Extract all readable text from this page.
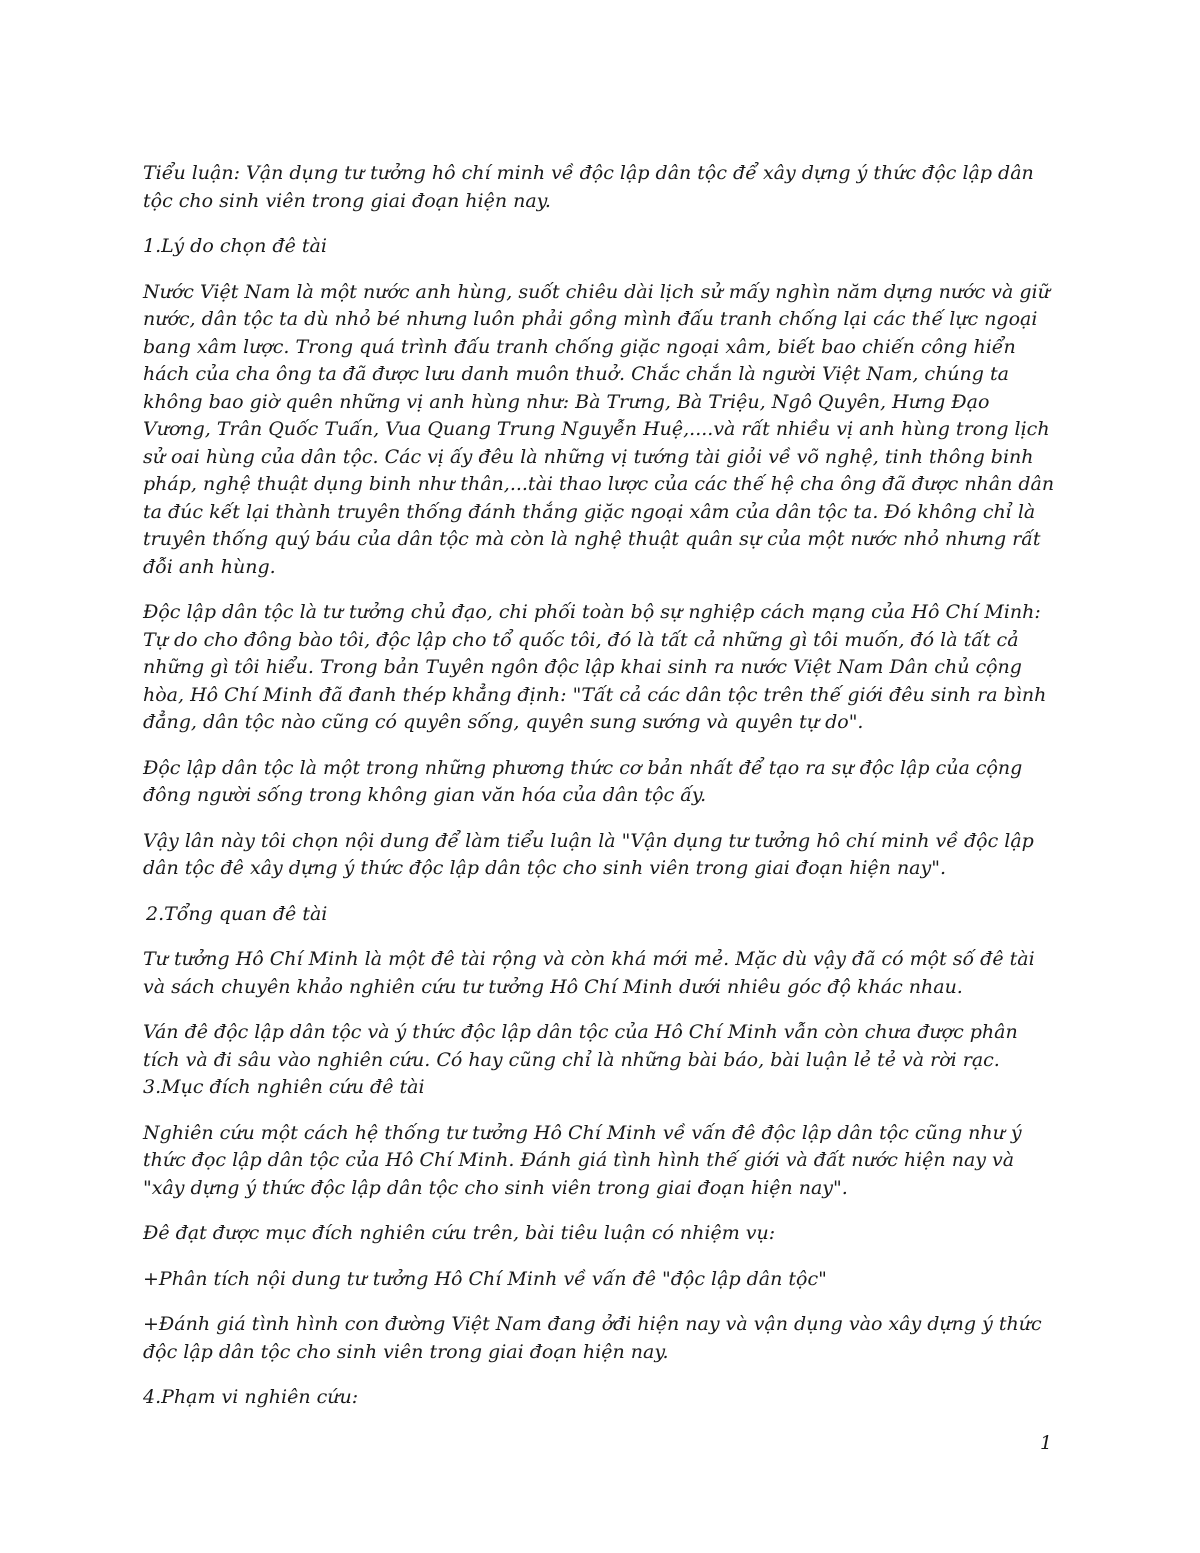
Tiểu luận: Vận dụng tư tưởng hô chí minh về độc lập dân tộc để xây dựng ý thức độc lập dân tộc cho sinh viên trong giai đoạn hiện nay.

1.Lý do chọn đê tài

Nước Việt Nam là một nước anh hùng, suốt chiêu dài lịch sử mấy nghìn năm dựng nước và giữ nước, dân tộc ta dù nhỏ bé nhưng luôn phải gồng mình đấu tranh chống lại các thế lực ngoại bang xâm lược. Trong quá trình đấu tranh chống giặc ngoại xâm, biết bao chiến công hiển hách của cha ông ta đã được lưu danh muôn thuở. Chắc chắn là người Việt Nam, chúng ta không bao giờ quên những vị anh hùng như: Bà Trưng, Bà Triệu, Ngô Quyên, Hưng Đạo Vương, Trân Quốc Tuấn, Vua Quang Trung Nguyễn Huệ,....và rất nhiều vị anh hùng trong lịch sử oai hùng của dân tộc. Các vị ấy đêu là những vị tướng tài giỏi về võ nghệ, tinh thông binh pháp, nghệ thuật dụng binh như thân,...tài thao lược của các thế hệ cha ông đã được nhân dân ta đúc kết lại thành truyên thống đánh thắng giặc ngoại xâm của dân tộc ta. Đó không chỉ là truyên thống quý báu của dân tộc mà còn là nghệ thuật quân sự của một nước nhỏ nhưng rất đỗi anh hùng.

Độc lập dân tộc là tư tưởng chủ đạo, chi phối toàn bộ sự nghiệp cách mạng của Hô Chí Minh: Tự do cho đông bào tôi, độc lập cho tổ quốc tôi, đó là tất cả những gì tôi muốn, đó là tất cả những gì tôi hiểu. Trong bản Tuyên ngôn độc lập khai sinh ra nước Việt Nam Dân chủ cộng hòa, Hô Chí Minh đã đanh thép khẳng định: "Tất cả các dân tộc trên thế giới đêu sinh ra bình đẳng, dân tộc nào cũng có quyên sống, quyên sung sướng và quyên tự do".

Độc lập dân tộc là một trong những phương thức cơ bản nhất để tạo ra sự độc lập của cộng đông người sống trong không gian văn hóa của dân tộc ấy.

Vậy lân này tôi chọn nội dung để làm tiểu luận là "Vận dụng tư tưởng hô chí minh về độc lập dân tộc đê xây dựng ý thức độc lập dân tộc cho sinh viên trong giai đoạn hiện nay".

2.Tổng quan đê tài

Tư tưởng Hô Chí Minh là một đê tài rộng và còn khá mới mẻ. Mặc dù vậy đã có một số đê tài và sách chuyên khảo nghiên cứu tư tưởng Hô Chí Minh dưới nhiêu góc độ khác nhau.

Ván đê độc lập dân tộc và ý thức độc lập dân tộc của Hô Chí Minh vẫn còn chưa được phân tích và đi sâu vào nghiên cứu. Có hay cũng chỉ là những bài báo, bài luận lẻ tẻ và rời rạc.

3.Mục đích nghiên cứu đê tài

Nghiên cứu một cách hệ thống tư tưởng Hô Chí Minh về vấn đê độc lập dân tộc cũng như ý thức đọc lập dân tộc của Hô Chí Minh. Đánh giá tình hình thế giới và đất nước hiện nay và "xây dựng ý thức độc lập dân tộc cho sinh viên trong giai đoạn hiện nay".

Đê đạt được mục đích nghiên cứu trên, bài tiêu luận có nhiệm vụ:

+Phân tích nội dung tư tưởng Hô Chí Minh về vấn đê "độc lập dân tộc"

+Đánh giá tình hình con đường Việt Nam đang ởđi hiện nay và vận dụng vào xây dựng ý thức độc lập dân tộc cho sinh viên trong giai đoạn hiện nay.

4.Phạm vi nghiên cứu:

1
